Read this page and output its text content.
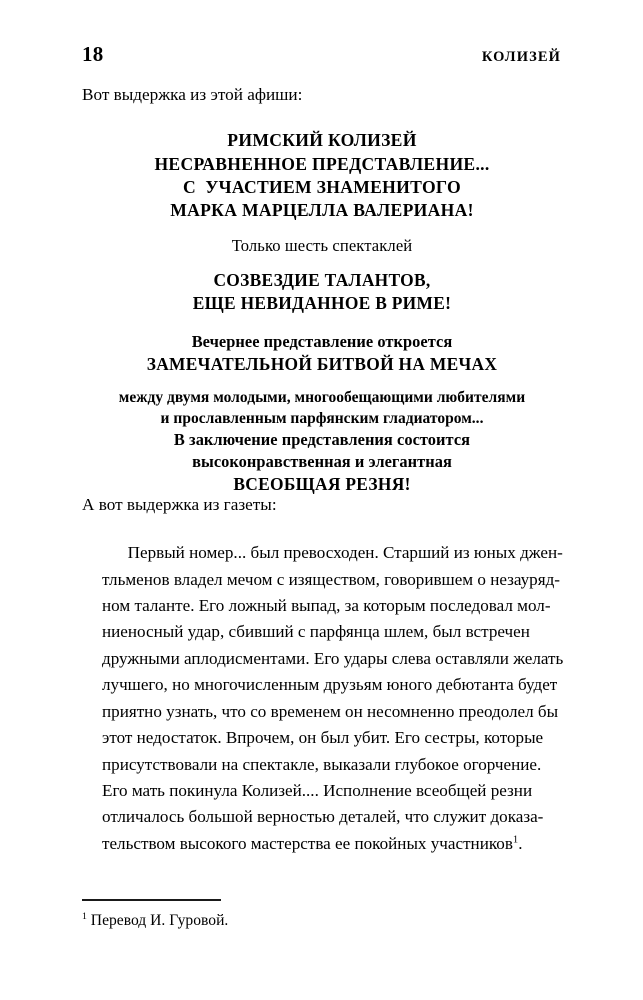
18	КОЛИЗЕЙ

Вот выдержка из этой афиши:

РИМСКИЙ КОЛИЗЕЙ
НЕСРАВНЕННОЕ ПРЕДСТАВЛЕНИЕ...
С  УЧАСТИЕМ ЗНАМЕНИТОГО
МАРКА МАРЦЕЛЛА ВАЛЕРИАНА!
Только шесть спектаклей
СОЗВЕЗДИЕ ТАЛАНТОВ,
ЕЩЕ НЕВИДАННОЕ В РИМЕ!
Вечернее представление откроется
ЗАМЕЧАТЕЛЬНОЙ БИТВОЙ НА МЕЧАХ
между двумя молодыми, многообещающими любителями
и прославленным парфянским гладиатором...
В заключение представления состоится
высоконравственная и элегантная
ВСЕОБЩАЯ РЕЗНЯ!

А вот выдержка из газеты:

Первый номер... был превосходен. Старший из юных джен-
тльменов владел мечом с изяществом, говорившем о незауряд-
ном таланте. Его ложный выпад, за которым последовал мол-
ниеносный удар, сбивший с парфянца шлем, был встречен
дружными аплодисментами. Его удары слева оставляли желать
лучшего, но многочисленным друзьям юного дебютанта будет
приятно узнать, что со временем он несомненно преодолел бы
этот недостаток. Впрочем, он был убит. Его сестры, которые
присутствовали на спектакле, выказали глубокое огорчение.
Его мать покинула Колизей.... Исполнение всеобщей резни
отличалось большой верностью деталей, что служит доказа-
тельством высокого мастерства ее покойных участников$^1$.

$^1$ Перевод И. Гуровой.
